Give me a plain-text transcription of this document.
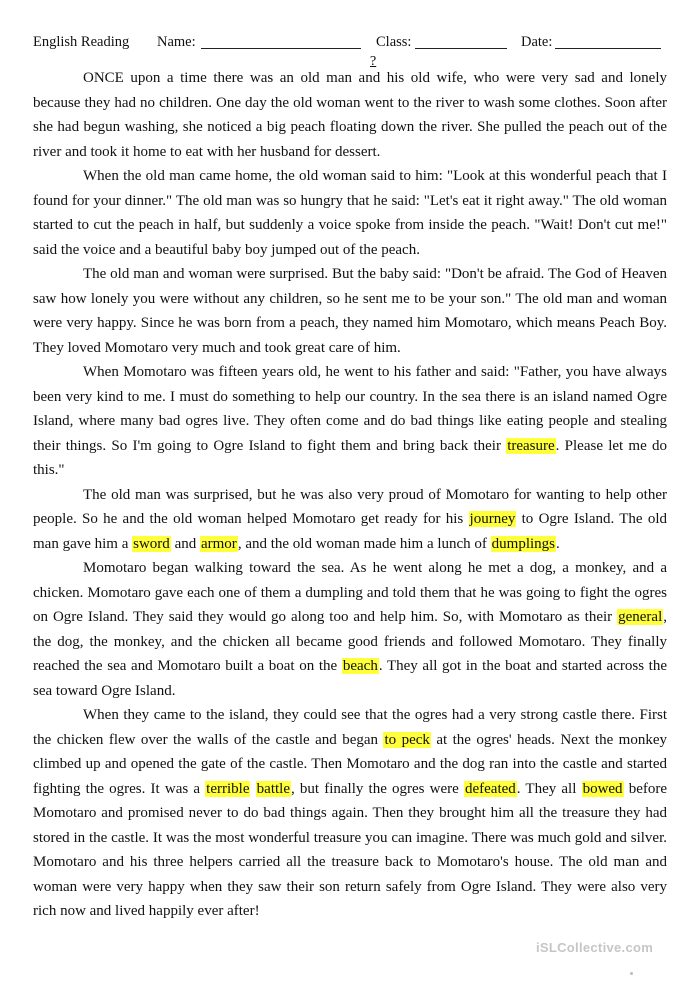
English Reading Name:	Class:	Date:
?

ONCE upon a time there was an old man and his old wife, who were very sad and lonely because they had no children. One day the old woman went to the river to wash some clothes. Soon after she had begun washing, she noticed a big peach floating down the river. She pulled the peach out of the river and took it home to eat with her husband for dessert.

When the old man came home, the old woman said to him: "Look at this wonderful peach that I found for your dinner." The old man was so hungry that he said: "Let's eat it right away." The old woman started to cut the peach in half, but suddenly a voice spoke from inside the peach. "Wait! Don't cut me!" said the voice and a beautiful baby boy jumped out of the peach.

The old man and woman were surprised. But the baby said: "Don't be afraid. The God of Heaven saw how lonely you were without any children, so he sent me to be your son." The old man and woman were very happy. Since he was born from a peach, they named him Momotaro, which means Peach Boy. They loved Momotaro very much and took great care of him.

When Momotaro was fifteen years old, he went to his father and said: "Father, you have always been very kind to me. I must do something to help our country. In the sea there is an island named Ogre Island, where many bad ogres live. They often come and do bad things like eating people and stealing their things. So I'm going to Ogre Island to fight them and bring back their treasure. Please let me do this."

The old man was surprised, but he was also very proud of Momotaro for wanting to help other people. So he and the old woman helped Momotaro get ready for his journey to Ogre Island. The old man gave him a sword and armor, and the old woman made him a lunch of dumplings.

Momotaro began walking toward the sea. As he went along he met a dog, a monkey, and a chicken. Momotaro gave each one of them a dumpling and told them that he was going to fight the ogres on Ogre Island. They said they would go along too and help him. So, with Momotaro as their general, the dog, the monkey, and the chicken all became good friends and followed Momotaro. They finally reached the sea and Momotaro built a boat on the beach. They all got in the boat and started across the sea toward Ogre Island.

When they came to the island, they could see that the ogres had a very strong castle there. First the chicken flew over the walls of the castle and began to peck at the ogres' heads. Next the monkey climbed up and opened the gate of the castle. Then Momotaro and the dog ran into the castle and started fighting the ogres. It was a terrible battle, but finally the ogres were defeated. They all bowed before Momotaro and promised never to do bad things again. Then they brought him all the treasure they had stored in the castle. It was the most wonderful treasure you can imagine. There was much gold and silver. Momotaro and his three helpers carried all the treasure back to Momotaro's house. The old man and woman were very happy when they saw their son return safely from Ogre Island. They were also very rich now and lived happily ever after!

iSLCollective.com
